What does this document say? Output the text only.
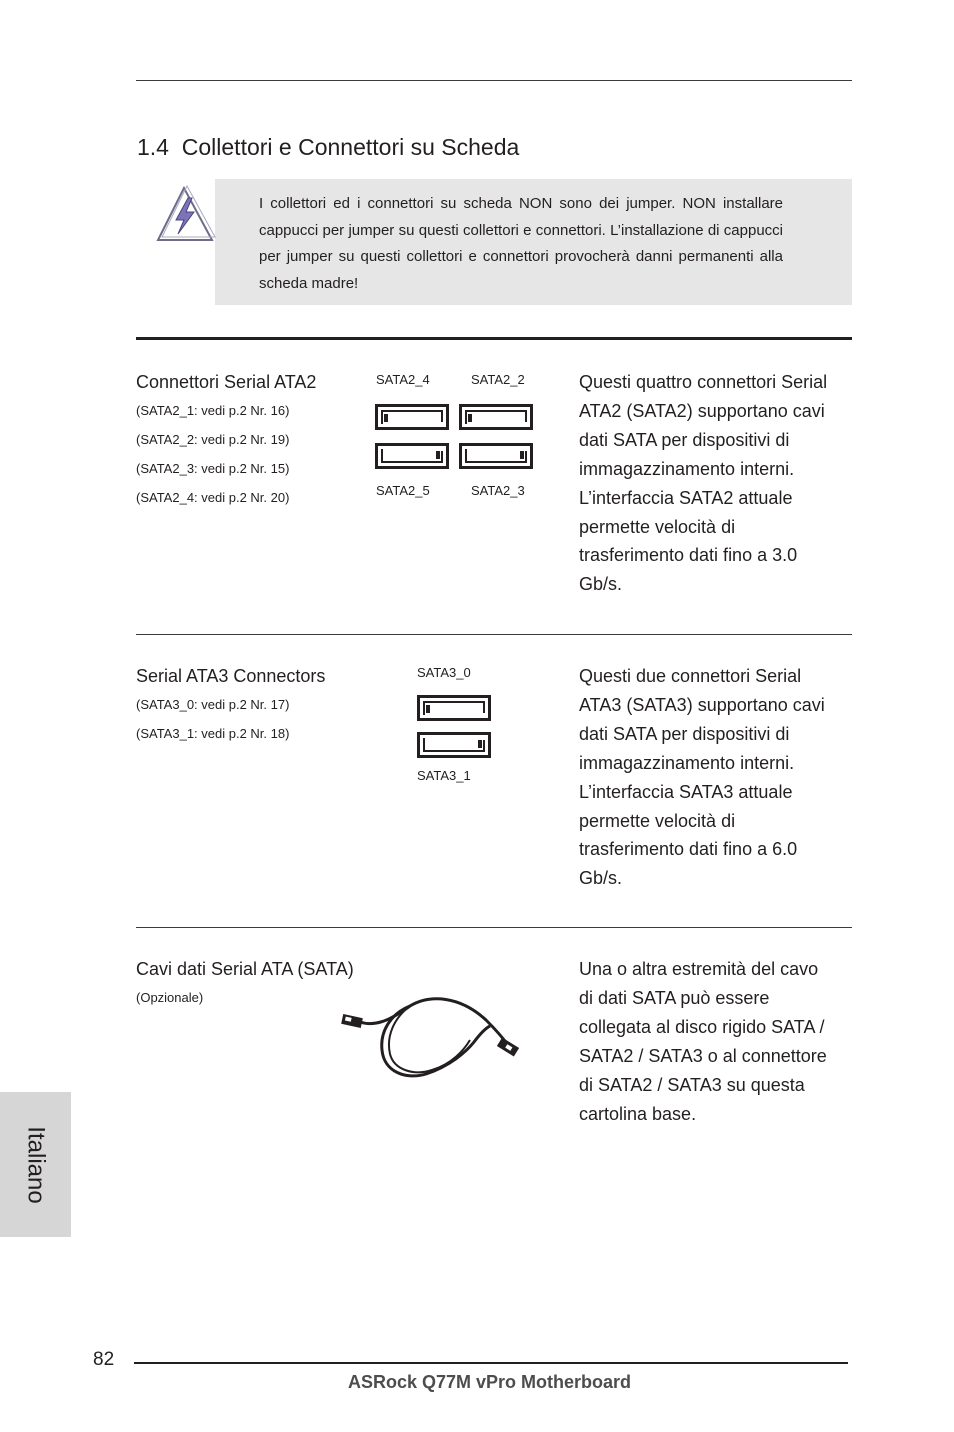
1.4 Collettori e Connettori su Scheda
I collettori ed i connettori su scheda NON sono dei jumper. NON installare cappucci per jumper su questi collettori e connettori. L’installazione di cappucci per jumper su questi collettori e connettori provocherà danni permanenti alla scheda madre!
Connettori Serial ATA2
(SATA2_1: vedi p.2 Nr. 16)
(SATA2_2: vedi p.2 Nr. 19)
(SATA2_3: vedi p.2 Nr. 15)
(SATA2_4: vedi p.2 Nr. 20)
SATA2_4	SATA2_2
SATA2_5	SATA2_3
Questi quattro connettori Serial
ATA2 (SATA2) supportano cavi
dati SATA per dispositivi di
immagazzinamento interni.
L’interfaccia SATA2 attuale
permette velocità di
trasferimento dati fino a 3.0
Gb/s.
Serial ATA3 Connectors
(SATA3_0: vedi p.2 Nr. 17)
(SATA3_1: vedi p.2 Nr. 18)
SATA3_0
SATA3_1
Questi due connettori Serial
ATA3 (SATA3) supportano cavi
dati SATA per dispositivi di
immagazzinamento interni.
L’interfaccia SATA3 attuale
permette velocità di
trasferimento dati fino a 6.0
Gb/s.
Cavi dati Serial ATA (SATA)
(Opzionale)
Una o altra estremità del cavo
di dati SATA può essere
collegata al disco rigido SATA /
SATA2 / SATA3 o al connettore
di SATA2 / SATA3 su questa
cartolina base.
Italiano
82
ASRock Q77M vPro Motherboard
